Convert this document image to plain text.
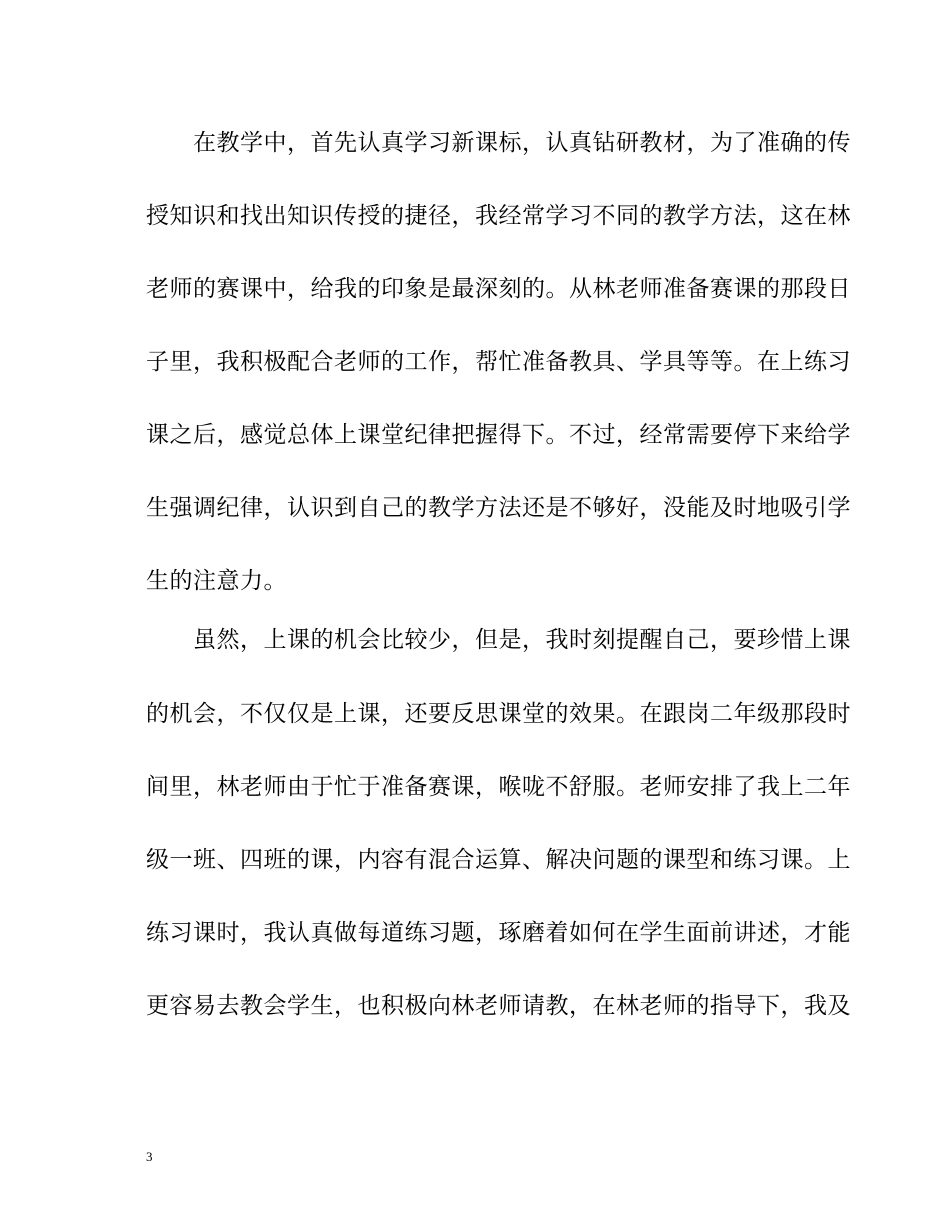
　　在教学中，首先认真学习新课标，认真钻研教材，为了准确的传
授知识和找出知识传授的捷径，我经常学习不同的教学方法，这在林
老师的赛课中，给我的印象是最深刻的。从林老师准备赛课的那段日
子里，我积极配合老师的工作，帮忙准备教具、学具等等。在上练习
课之后，感觉总体上课堂纪律把握得下。不过，经常需要停下来给学
生强调纪律，认识到自己的教学方法还是不够好，没能及时地吸引学
生的注意力。
　　虽然，上课的机会比较少，但是，我时刻提醒自己，要珍惜上课
的机会，不仅仅是上课，还要反思课堂的效果。在跟岗二年级那段时
间里，林老师由于忙于准备赛课，喉咙不舒服。老师安排了我上二年
级一班、四班的课，内容有混合运算、解决问题的课型和练习课。上
练习课时，我认真做每道练习题，琢磨着如何在学生面前讲述，才能
更容易去教会学生，也积极向林老师请教，在林老师的指导下，我及
3
